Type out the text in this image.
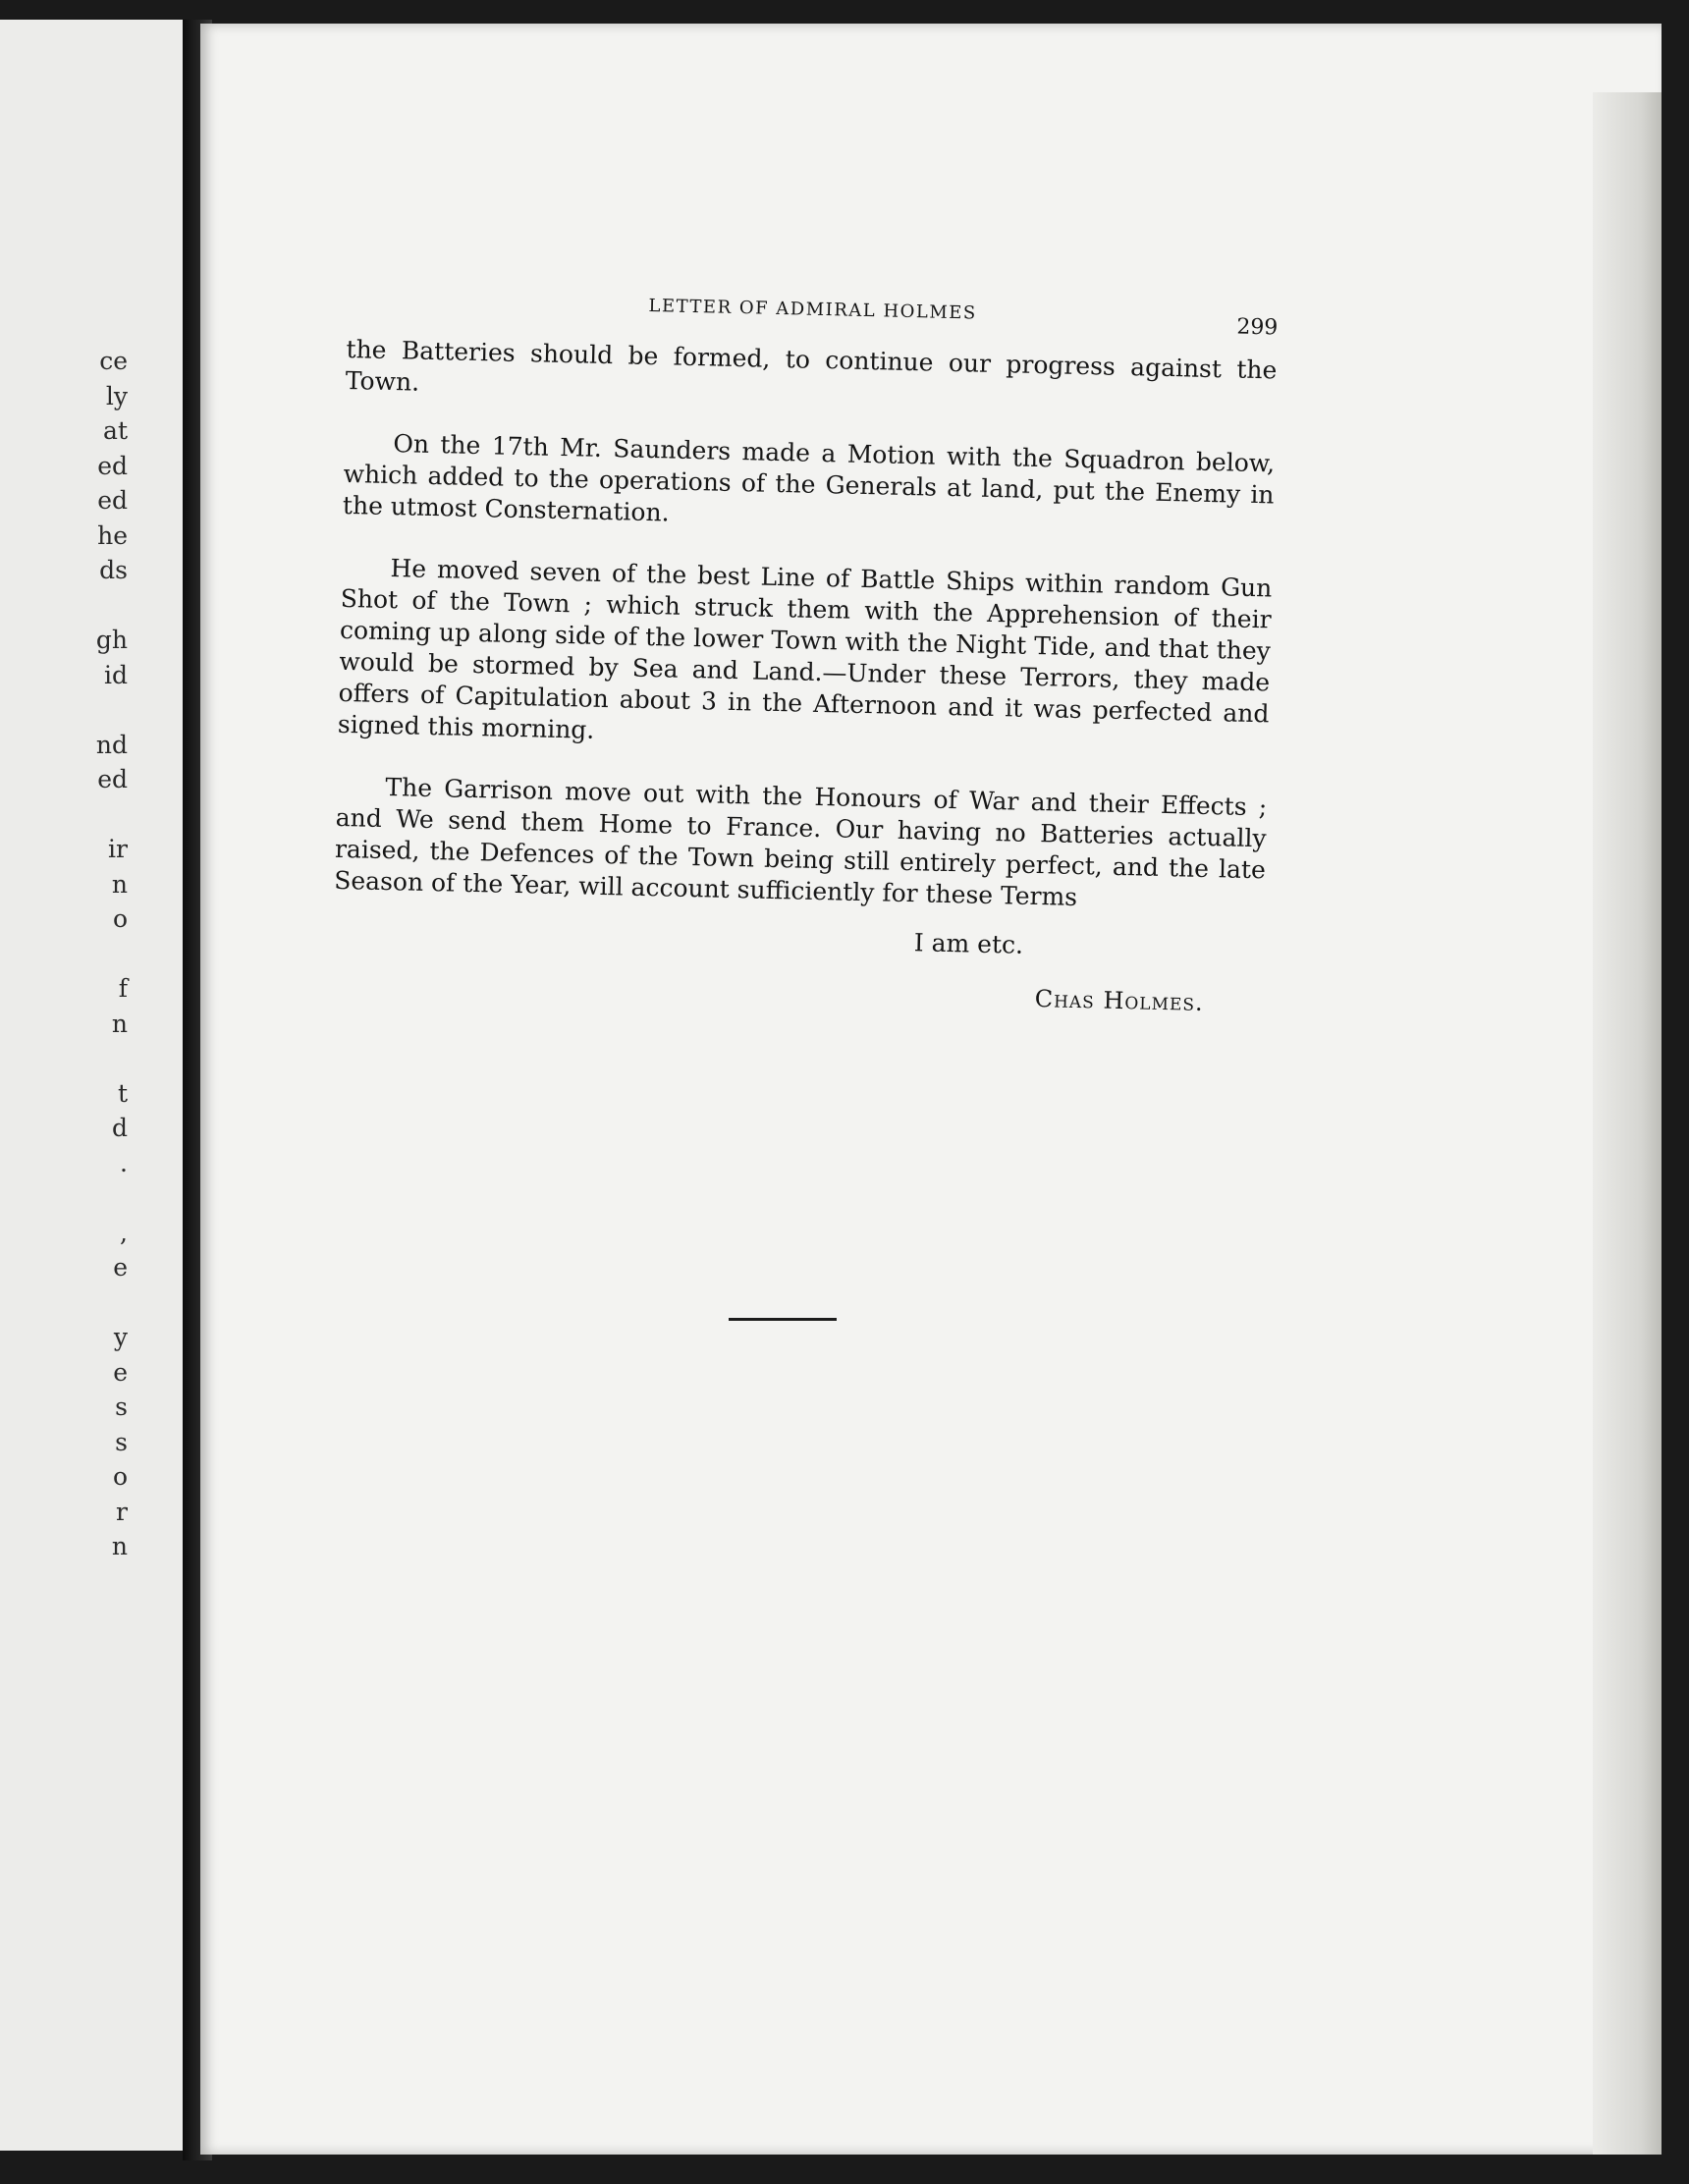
ce
ly
at
ed
ed
he
ds
gh
id
nd
ed
ir
n
o
f
n
t
d
.
,
e
y
e
s
s
o
r
n
LETTER OF ADMIRAL HOLMES
299

the Batteries should be formed, to continue our progress against the Town.

On the 17th Mr. Saunders made a Motion with the Squadron below, which added to the operations of the Generals at land, put the Enemy in the utmost Consternation.

He moved seven of the best Line of Battle Ships within random Gun Shot of the Town ; which struck them with the Apprehension of their coming up along side of the lower Town with the Night Tide, and that they would be stormed by Sea and Land.—Under these Terrors, they made offers of Capitulation about 3 in the Afternoon and it was perfected and signed this morning.

The Garrison move out with the Honours of War and their Effects ; and We send them Home to France. Our having no Batteries actually raised, the Defences of the Town being still entirely perfect, and the late Season of the Year, will account sufficiently for these Terms

I am etc.
Chas Holmes.
